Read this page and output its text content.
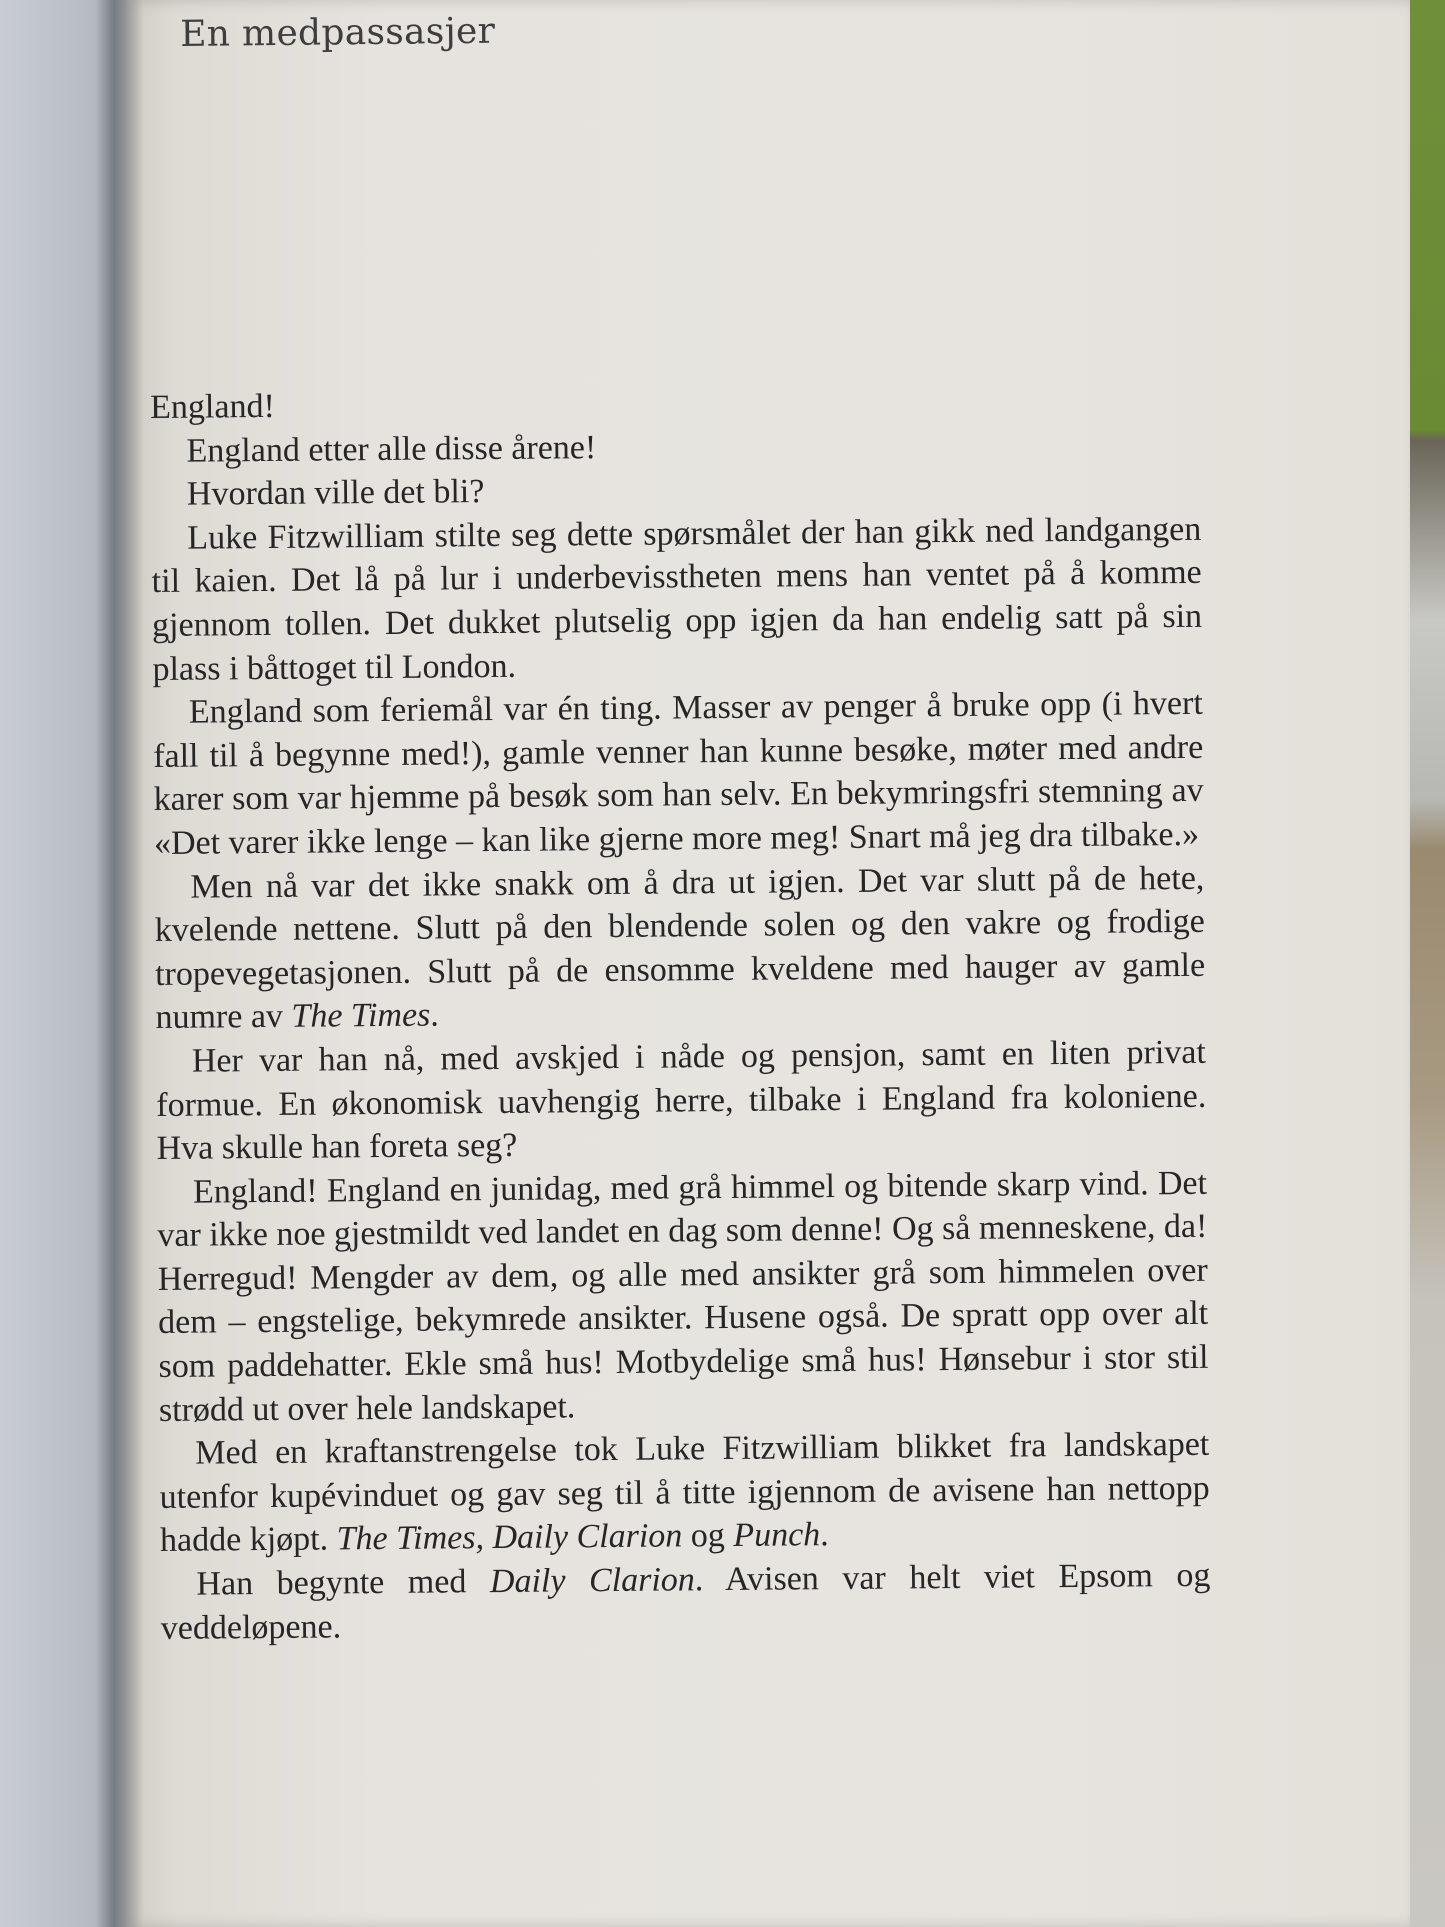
En medpassasjer

England!

England etter alle disse årene!

Hvordan ville det bli?

Luke Fitzwilliam stilte seg dette spørsmålet der han gikk ned landgangen til kaien. Det lå på lur i underbevisstheten mens han ventet på å komme gjennom tollen. Det dukket plutselig opp igjen da han endelig satt på sin plass i båttoget til London.

England som feriemål var én ting. Masser av penger å bruke opp (i hvert fall til å begynne med!), gamle venner han kunne besøke, møter med andre karer som var hjemme på besøk som han selv. En bekymringsfri stemning av «Det varer ikke lenge – kan like gjerne more meg! Snart må jeg dra tilbake.»

Men nå var det ikke snakk om å dra ut igjen. Det var slutt på de hete, kvelende nettene. Slutt på den blendende solen og den vakre og frodige tropevegetasjonen. Slutt på de ensomme kveldene med hauger av gamle numre av The Times.

Her var han nå, med avskjed i nåde og pensjon, samt en liten privat formue. En økonomisk uavhengig herre, tilbake i England fra koloniene. Hva skulle han foreta seg?

England! England en junidag, med grå himmel og bitende skarp vind. Det var ikke noe gjestmildt ved landet en dag som denne! Og så menneskene, da! Herregud! Mengder av dem, og alle med ansikter grå som himmelen over dem – engstelige, bekymrede ansikter. Husene også. De spratt opp over alt som paddehatter. Ekle små hus! Motbydelige små hus! Hønsebur i stor stil strødd ut over hele landskapet.

Med en kraftanstrengelse tok Luke Fitzwilliam blikket fra landskapet utenfor kupévinduet og gav seg til å titte igjennom de avisene han nettopp hadde kjøpt. The Times, Daily Clarion og Punch.

Han begynte med Daily Clarion. Avisen var helt viet Epsom og veddeløpene.
